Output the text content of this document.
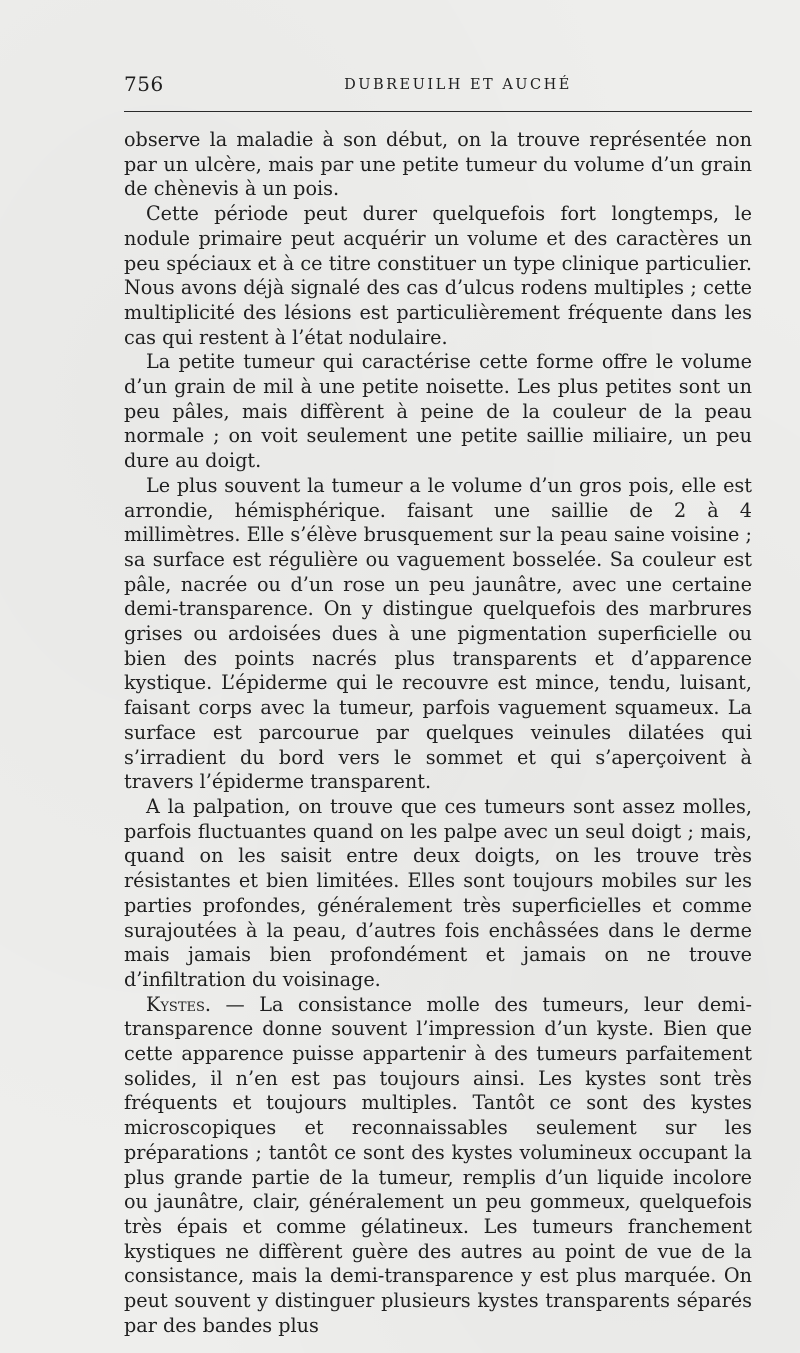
756	DUBREUILH ET AUCHÉ

observe la maladie à son début, on la trouve représentée non par un ulcère, mais par une petite tumeur du volume d’un grain de chènevis à un pois.

Cette période peut durer quelquefois fort longtemps, le nodule primaire peut acquérir un volume et des caractères un peu spéciaux et à ce titre constituer un type clinique particulier. Nous avons déjà signalé des cas d’ulcus rodens multiples ; cette multiplicité des lésions est particulièrement fréquente dans les cas qui restent à l’état nodulaire.

La petite tumeur qui caractérise cette forme offre le volume d’un grain de mil à une petite noisette. Les plus petites sont un peu pâles, mais diffèrent à peine de la couleur de la peau normale ; on voit seulement une petite saillie miliaire, un peu dure au doigt.

Le plus souvent la tumeur a le volume d’un gros pois, elle est arrondie, hémisphérique. faisant une saillie de 2 à 4 millimètres. Elle s’élève brusquement sur la peau saine voisine ; sa surface est régulière ou vaguement bosselée. Sa couleur est pâle, nacrée ou d’un rose un peu jaunâtre, avec une certaine demi-transparence. On y distingue quelquefois des marbrures grises ou ardoisées dues à une pigmentation superficielle ou bien des points nacrés plus transparents et d’apparence kystique. L’épiderme qui le recouvre est mince, tendu, luisant, faisant corps avec la tumeur, parfois vaguement squameux. La surface est parcourue par quelques veinules dilatées qui s’irradient du bord vers le sommet et qui s’aperçoivent à travers l’épiderme transparent.

A la palpation, on trouve que ces tumeurs sont assez molles, parfois fluctuantes quand on les palpe avec un seul doigt ; mais, quand on les saisit entre deux doigts, on les trouve très résistantes et bien limitées. Elles sont toujours mobiles sur les parties profondes, généralement très superficielles et comme surajoutées à la peau, d’autres fois enchâssées dans le derme mais jamais bien profondément et jamais on ne trouve d’infiltration du voisinage.

Kystes. — La consistance molle des tumeurs, leur demi-transparence donne souvent l’impression d’un kyste. Bien que cette apparence puisse appartenir à des tumeurs parfaitement solides, il n’en est pas toujours ainsi. Les kystes sont très fréquents et toujours multiples. Tantôt ce sont des kystes microscopiques et reconnaissables seulement sur les préparations ; tantôt ce sont des kystes volumineux occupant la plus grande partie de la tumeur, remplis d’un liquide incolore ou jaunâtre, clair, généralement un peu gommeux, quelquefois très épais et comme gélatineux. Les tumeurs franchement kystiques ne diffèrent guère des autres au point de vue de la consistance, mais la demi-transparence y est plus marquée. On peut souvent y distinguer plusieurs kystes transparents séparés par des bandes plus
